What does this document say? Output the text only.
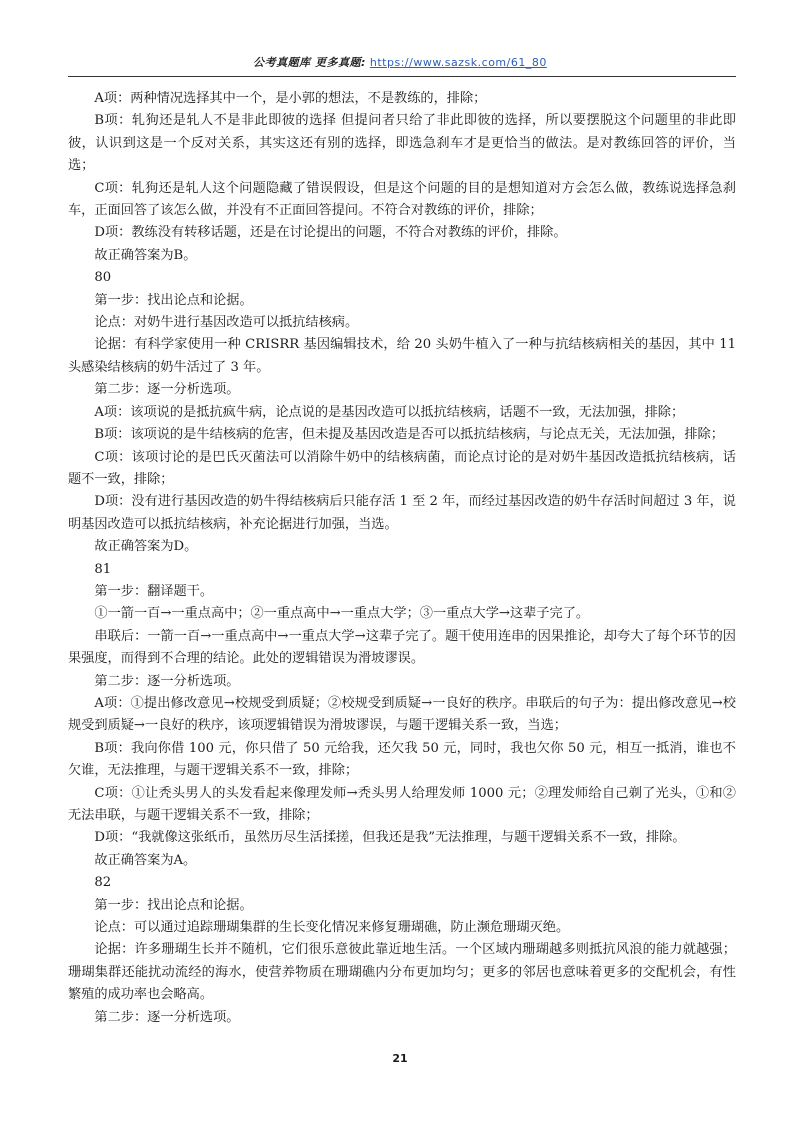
公考真题库 更多真题: https://www.sazsk.com/61_80

A项：两种情况选择其中一个，是小郭的想法，不是教练的，排除；

B项：轧狗还是轧人不是非此即彼的选择 但提问者只给了非此即彼的选择，所以要摆脱这个问题里的非此即彼，认识到这是一个反对关系，其实这还有别的选择，即选急刹车才是更恰当的做法。是对教练回答的评价，当选；

C项：轧狗还是轧人这个问题隐藏了错误假设，但是这个问题的目的是想知道对方会怎么做，教练说选择急刹车，正面回答了该怎么做，并没有不正面回答提问。不符合对教练的评价，排除；

D项：教练没有转移话题，还是在讨论提出的问题，不符合对教练的评价，排除。

故正确答案为B。

80

第一步：找出论点和论据。

论点：对奶牛进行基因改造可以抵抗结核病。

论据：有科学家使用一种 CRISRR 基因编辑技术，给 20 头奶牛植入了一种与抗结核病相关的基因，其中 11 头感染结核病的奶牛活过了 3 年。

第二步：逐一分析选项。

A项：该项说的是抵抗疯牛病，论点说的是基因改造可以抵抗结核病，话题不一致，无法加强，排除；

B项：该项说的是牛结核病的危害，但未提及基因改造是否可以抵抗结核病，与论点无关，无法加强，排除；

C项：该项讨论的是巴氏灭菌法可以消除牛奶中的结核病菌，而论点讨论的是对奶牛基因改造抵抗结核病，话题不一致，排除；

D项：没有进行基因改造的奶牛得结核病后只能存活 1 至 2 年，而经过基因改造的奶牛存活时间超过 3 年，说明基因改造可以抵抗结核病，补充论据进行加强，当选。

故正确答案为D。

81

第一步：翻译题干。

①一箭一百→一重点高中；②一重点高中→一重点大学；③一重点大学→这辈子完了。

串联后：一箭一百→一重点高中→一重点大学→这辈子完了。题干使用连串的因果推论，却夸大了每个环节的因果强度，而得到不合理的结论。此处的逻辑错误为滑坡谬误。

第二步：逐一分析选项。

A项：①提出修改意见→校规受到质疑；②校规受到质疑→一良好的秩序。串联后的句子为：提出修改意见→校规受到质疑→一良好的秩序，该项逻辑错误为滑坡谬误，与题干逻辑关系一致，当选；

B项：我向你借 100 元，你只借了 50 元给我，还欠我 50 元，同时，我也欠你 50 元，相互一抵消，谁也不欠谁，无法推理，与题干逻辑关系不一致，排除；

C项：①让秃头男人的头发看起来像理发师→秃头男人给理发师 1000 元；②理发师给自己剃了光头，①和②无法串联，与题干逻辑关系不一致，排除；

D项：“我就像这张纸币，虽然历尽生活揉搓，但我还是我”无法推理，与题干逻辑关系不一致，排除。

故正确答案为A。

82

第一步：找出论点和论据。

论点：可以通过追踪珊瑚集群的生长变化情况来修复珊瑚礁，防止濒危珊瑚灭绝。

论据：许多珊瑚生长并不随机，它们很乐意彼此靠近地生活。一个区域内珊瑚越多则抵抗风浪的能力就越强；珊瑚集群还能扰动流经的海水，使营养物质在珊瑚礁内分布更加均匀；更多的邻居也意味着更多的交配机会，有性繁殖的成功率也会略高。

第二步：逐一分析选项。

21
